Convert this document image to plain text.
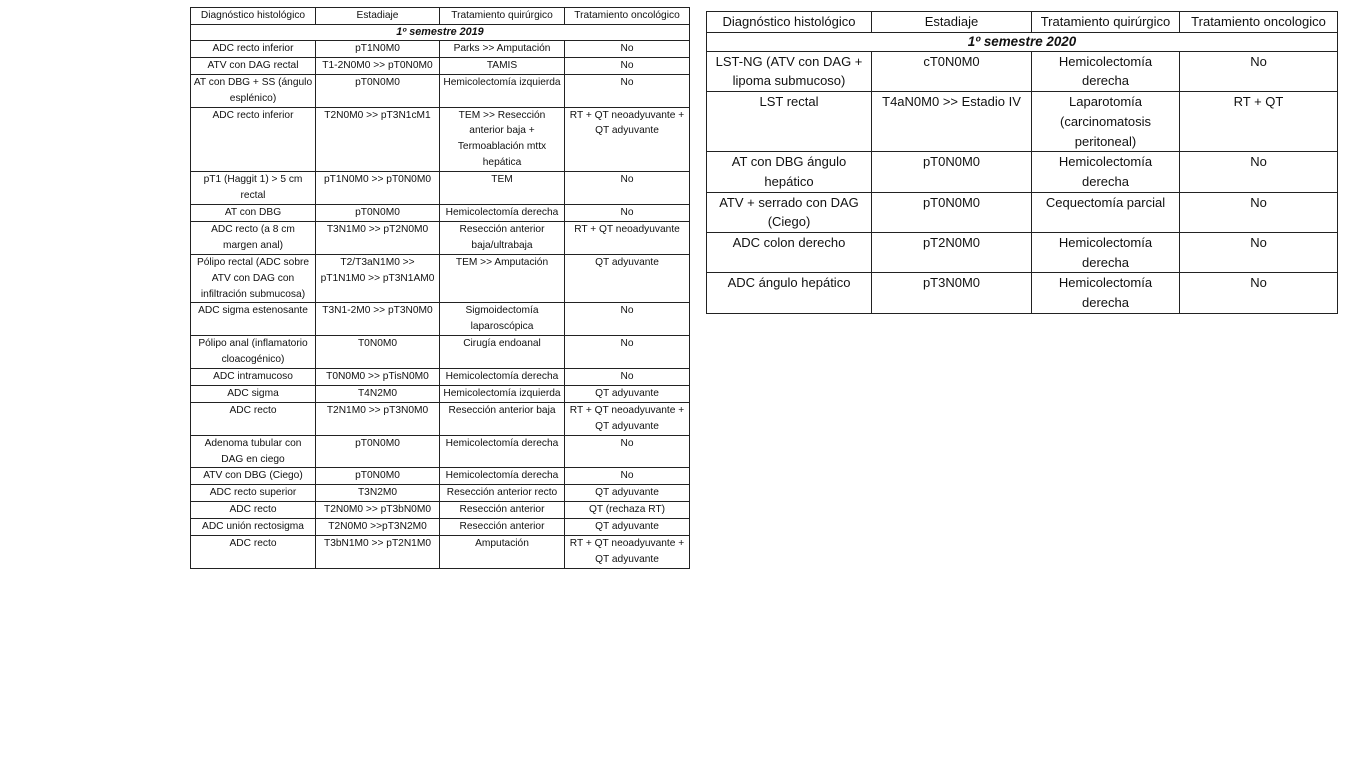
Diagnóstico histológico	Estadiaje	Tratamiento quirúrgico	Tratamiento oncológico
1º semestre 2019			
ADC recto inferior	pT1N0M0	Parks >> Amputación	No
ATV con DAG rectal	T1-2N0M0 >> pT0N0M0	TAMIS	No
AT con DBG + SS (ángulo esplénico)	pT0N0M0	Hemicolectomía izquierda	No
ADC recto inferior	T2N0M0 >> pT3N1cM1	TEM >> Resección anterior baja + Termoablación mttx hepática	RT + QT neoadyuvante + QT adyuvante
pT1 (Haggit 1) > 5 cm rectal	pT1N0M0 >> pT0N0M0	TEM	No
AT con DBG	pT0N0M0	Hemicolectomía derecha	No
ADC recto (a 8 cm margen anal)	T3N1M0 >> pT2N0M0	Resección anterior baja/ultrabaja	RT + QT neoadyuvante
Pólipo rectal (ADC sobre ATV con DAG con infiltración submucosa)	T2/T3aN1M0 >> pT1N1M0 >> pT3N1AM0	TEM >> Amputación	QT adyuvante
ADC sigma estenosante	T3N1-2M0 >> pT3N0M0	Sigmoidectomía laparoscópica	No
Pólipo anal (inflamatorio cloacogénico)	T0N0M0	Cirugía endoanal	No
ADC intramucoso	T0N0M0 >> pTisN0M0	Hemicolectomía derecha	No
ADC sigma	T4N2M0	Hemicolectomía izquierda	QT adyuvante
ADC recto	T2N1M0 >> pT3N0M0	Resección anterior baja	RT + QT neoadyuvante + QT adyuvante
Adenoma tubular con DAG en ciego	pT0N0M0	Hemicolectomía derecha	No
ATV con DBG (Ciego)	pT0N0M0	Hemicolectomía derecha	No
ADC recto superior	T3N2M0	Resección anterior recto	QT adyuvante
ADC recto	T2N0M0 >> pT3bN0M0	Resección anterior	QT (rechaza RT)
ADC unión rectosigma	T2N0M0 >>pT3N2M0	Resección anterior	QT adyuvante
ADC recto	T3bN1M0 >> pT2N1M0	Amputación	RT + QT neoadyuvante + QT adyuvante
Diagnóstico histológico	Estadiaje	Tratamiento quirúrgico	Tratamiento oncologico
1º semestre 2020			
LST-NG (ATV con DAG + lipoma submucoso)	cT0N0M0	Hemicolectomía derecha	No
LST rectal	T4aN0M0 >> Estadio IV	Laparotomía (carcinomatosis peritoneal)	RT + QT
AT con DBG ángulo hepático	pT0N0M0	Hemicolectomía derecha	No
ATV + serrado con DAG (Ciego)	pT0N0M0	Cequectomía parcial	No
ADC colon derecho	pT2N0M0	Hemicolectomía derecha	No
ADC ángulo hepático	pT3N0M0	Hemicolectomía derecha	No
